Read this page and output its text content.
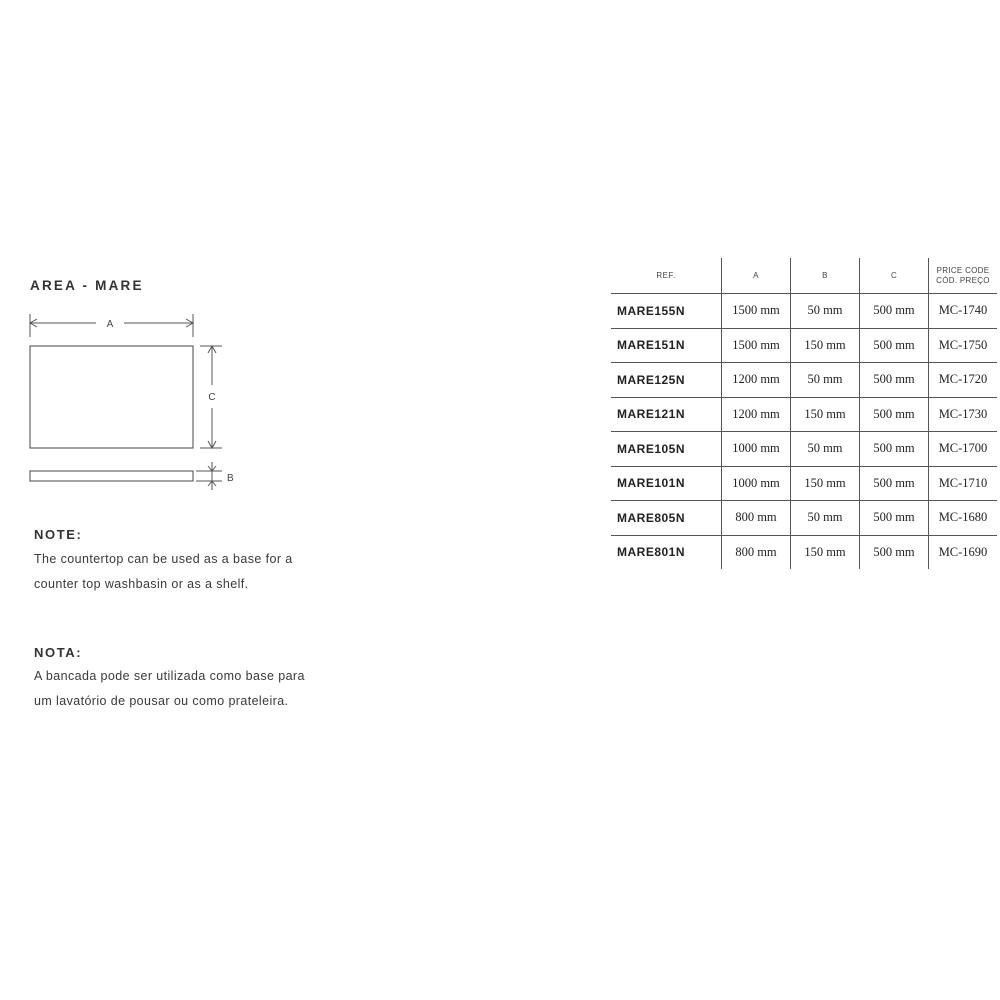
AREA - MARE
A
C
B
NOTE:
The countertop can be used as a base for a
counter top washbasin or as a shelf.
NOTA:
A bancada pode ser utilizada como base para
um lavatório de pousar ou como prateleira.
REF.	A	B	C	PRICE CODE
CÓD. PREÇO

MARE155N	1500 mm	50 mm	500 mm	MC-1740
MARE151N	1500 mm	150 mm	500 mm	MC-1750
MARE125N	1200 mm	50 mm	500 mm	MC-1720
MARE121N	1200 mm	150 mm	500 mm	MC-1730
MARE105N	1000 mm	50 mm	500 mm	MC-1700
MARE101N	1000 mm	150 mm	500 mm	MC-1710
MARE805N	800 mm	50 mm	500 mm	MC-1680
MARE801N	800 mm	150 mm	500 mm	MC-1690
